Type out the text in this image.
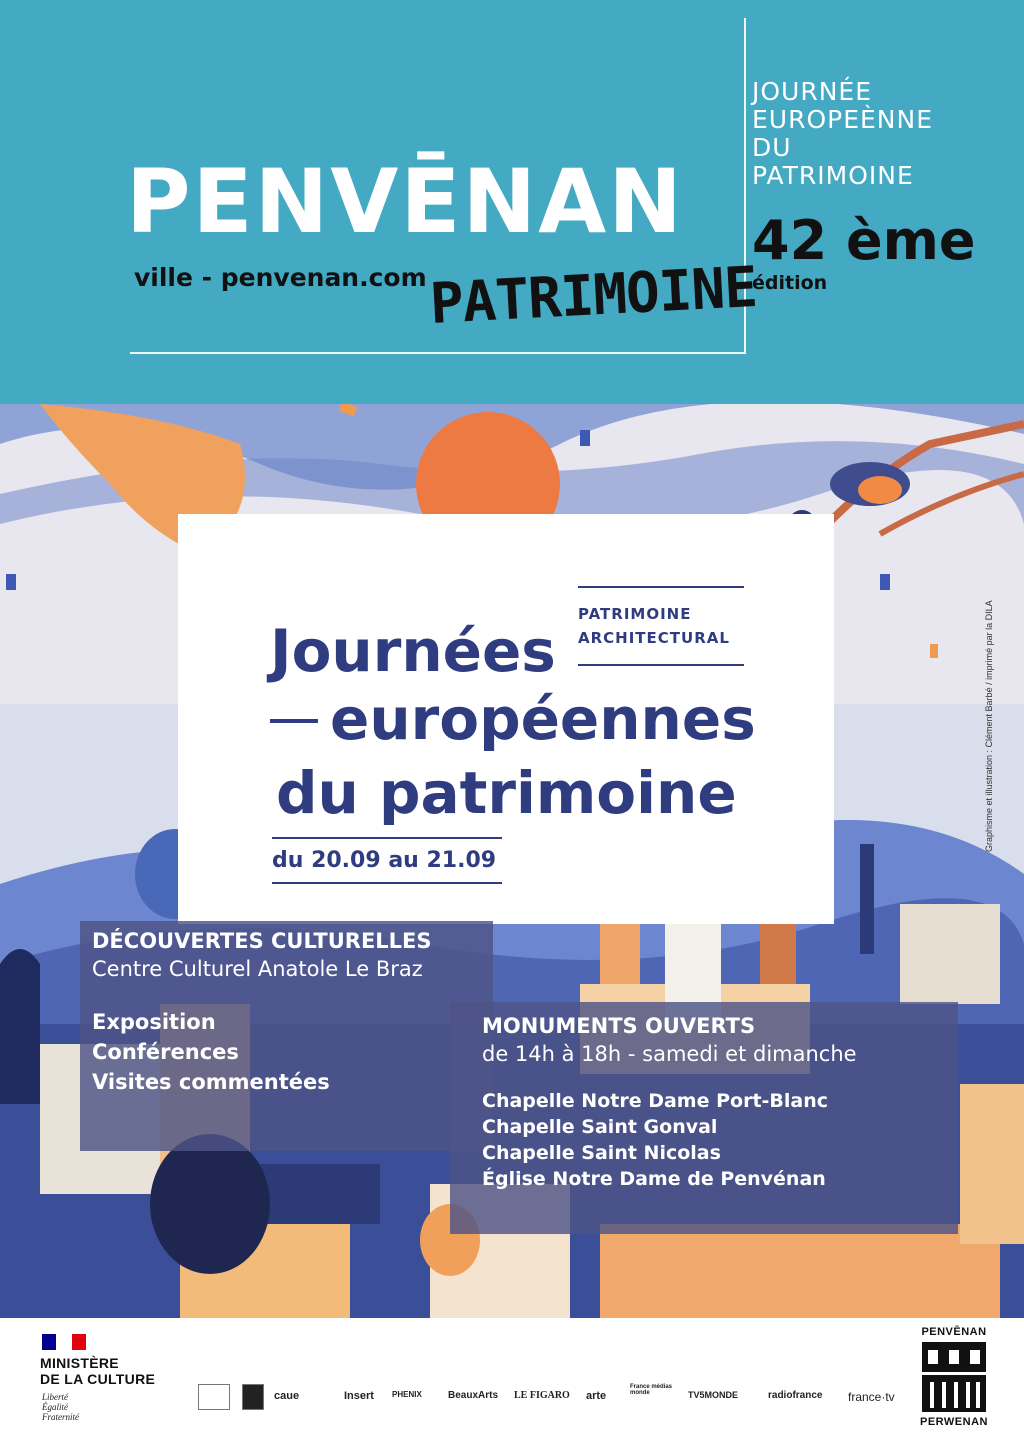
PENVĒNAN
ville - penvenan.com PATRIMOINE
JOURNÉE
EUROPEÈNNE
DU
PATRIMOINE
42 ème
édition
PATRIMOINE
ARCHITECTURAL
Journées
européennes
du patrimoine
du 20.09 au 21.09
Graphisme et illustration : Clément Barbé / imprimé par la DILA
DÉCOUVERTES CULTURELLES
Centre Culturel Anatole Le Braz
Exposition
Conférences
Visites commentées
MONUMENTS OUVERTS
de 14h à 18h - samedi et dimanche
Chapelle Notre Dame Port-Blanc
Chapelle Saint Gonval
Chapelle Saint Nicolas
Église Notre Dame de Penvénan
MINISTÈRE
DE LA CULTURE
Liberté
Égalité
Fraternité
caue	Insert PHENIX	BeauxArts LE FIGARO arte
France médias monde	TV5MONDE	radiofrance france·tv
PENVĒNAN
PERWENAN
